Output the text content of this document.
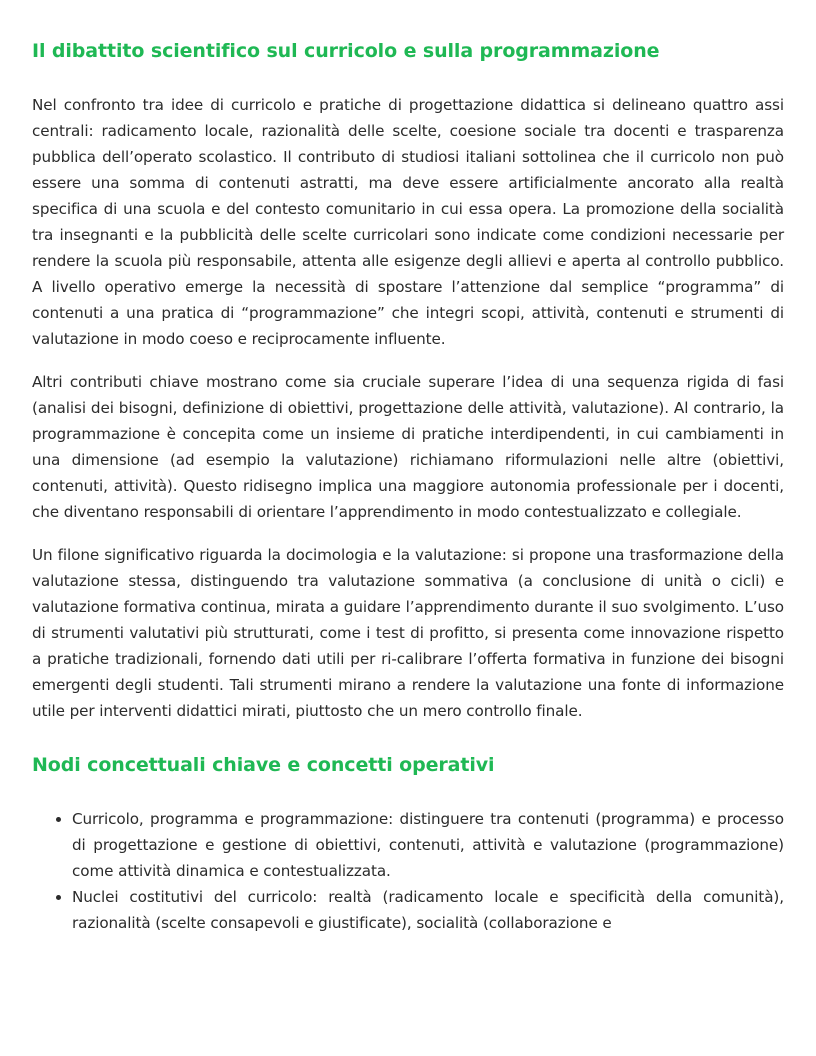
Il dibattito scientifico sul curricolo e sulla programmazione

Nel confronto tra idee di curricolo e pratiche di progettazione didattica si delineano quattro assi centrali: radicamento locale, razionalità delle scelte, coesione sociale tra docenti e trasparenza pubblica dell’operato scolastico. Il contributo di studiosi italiani sottolinea che il curricolo non può essere una somma di contenuti astratti, ma deve essere artificialmente ancorato alla realtà specifica di una scuola e del contesto comunitario in cui essa opera. La promozione della socialità tra insegnanti e la pubblicità delle scelte curricolari sono indicate come condizioni necessarie per rendere la scuola più responsabile, attenta alle esigenze degli allievi e aperta al controllo pubblico. A livello operativo emerge la necessità di spostare l’attenzione dal semplice “programma” di contenuti a una pratica di “programmazione” che integri scopi, attività, contenuti e strumenti di valutazione in modo coeso e reciprocamente influente.

Altri contributi chiave mostrano come sia cruciale superare l’idea di una sequenza rigida di fasi (analisi dei bisogni, definizione di obiettivi, progettazione delle attività, valutazione). Al contrario, la programmazione è concepita come un insieme di pratiche interdipendenti, in cui cambiamenti in una dimensione (ad esempio la valutazione) richiamano riformulazioni nelle altre (obiettivi, contenuti, attività). Questo ridisegno implica una maggiore autonomia professionale per i docenti, che diventano responsabili di orientare l’apprendimento in modo contestualizzato e collegiale.

Un filone significativo riguarda la docimologia e la valutazione: si propone una trasformazione della valutazione stessa, distinguendo tra valutazione sommativa (a conclusione di unità o cicli) e valutazione formativa continua, mirata a guidare l’apprendimento durante il suo svolgimento. L’uso di strumenti valutativi più strutturati, come i test di profitto, si presenta come innovazione rispetto a pratiche tradizionali, fornendo dati utili per ri-calibrare l’offerta formativa in funzione dei bisogni emergenti degli studenti. Tali strumenti mirano a rendere la valutazione una fonte di informazione utile per interventi didattici mirati, piuttosto che un mero controllo finale.

Nodi concettuali chiave e concetti operativi
• Curricolo, programma e programmazione: distinguere tra contenuti (programma) e processo di progettazione e gestione di obiettivi, contenuti, attività e valutazione (programmazione) come attività dinamica e contestualizzata.
• Nuclei costitutivi del curricolo: realtà (radicamento locale e specificità della comunità), razionalità (scelte consapevoli e giustificate), socialità (collaborazione e
